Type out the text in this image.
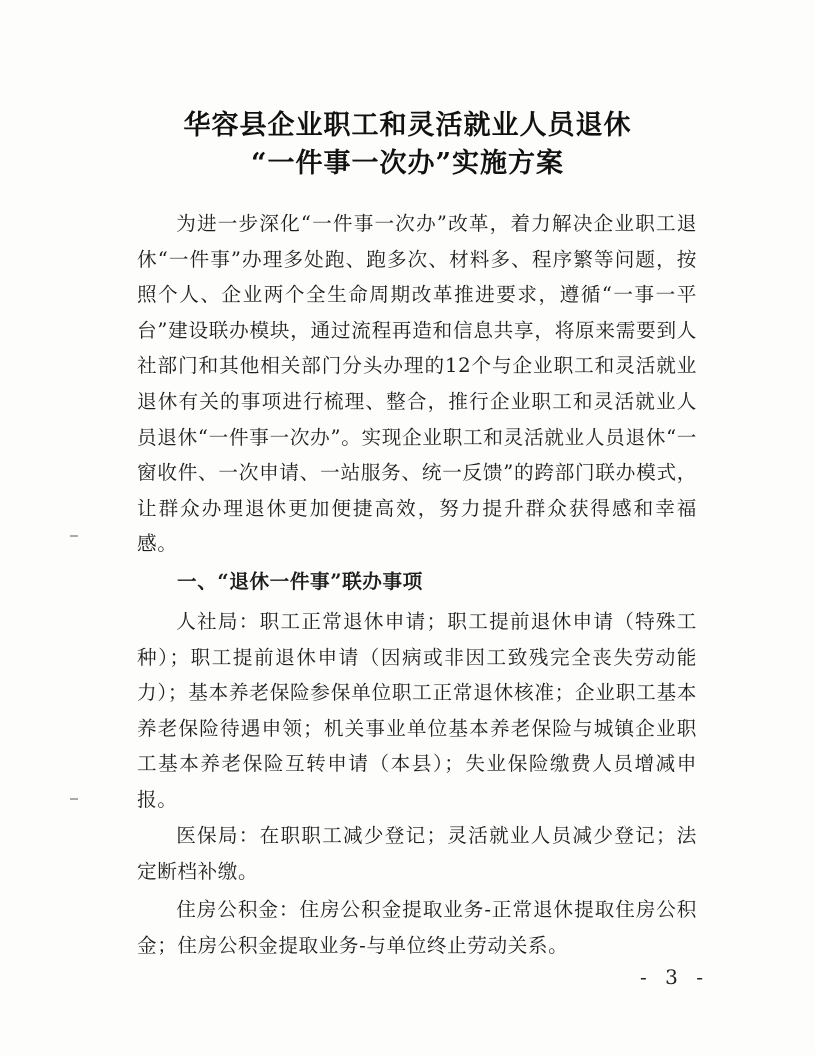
华容县企业职工和灵活就业人员退休
“一件事一次办”实施方案

为进一步深化“一件事一次办”改革，着力解决企业职工退休“一件事”办理多处跑、跑多次、材料多、程序繁等问题，按照个人、企业两个全生命周期改革推进要求，遵循“一事一平台”建设联办模块，通过流程再造和信息共享，将原来需要到人社部门和其他相关部门分头办理的12个与企业职工和灵活就业退休有关的事项进行梳理、整合，推行企业职工和灵活就业人员退休“一件事一次办”。实现企业职工和灵活就业人员退休“一窗收件、一次申请、一站服务、统一反馈”的跨部门联办模式，让群众办理退休更加便捷高效，努力提升群众获得感和幸福感。

一、“退休一件事”联办事项

人社局：职工正常退休申请；职工提前退休申请（特殊工种）；职工提前退休申请（因病或非因工致残完全丧失劳动能力）；基本养老保险参保单位职工正常退休核准；企业职工基本养老保险待遇申领；机关事业单位基本养老保险与城镇企业职工基本养老保险互转申请（本县）；失业保险缴费人员增减申报。

医保局：在职职工减少登记；灵活就业人员减少登记；法定断档补缴。

住房公积金：住房公积金提取业务-正常退休提取住房公积金；住房公积金提取业务-与单位终止劳动关系。

- 3 -
